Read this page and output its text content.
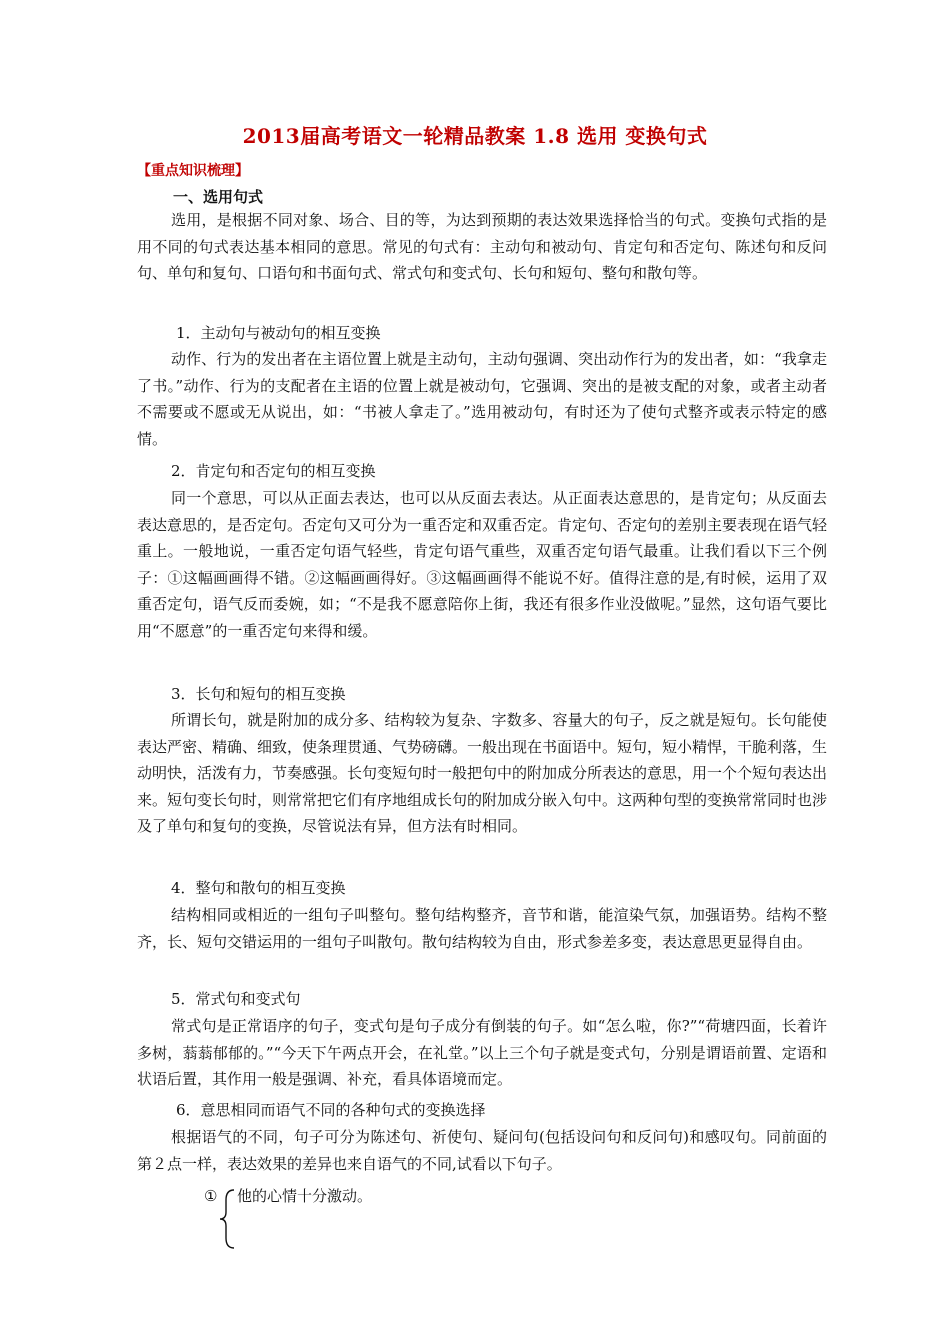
2013届高考语文一轮精品教案 1.8 选用 变换句式
【重点知识梳理】
一、选用句式
选用，是根据不同对象、场合、目的等，为达到预期的表达效果选择恰当的句式。变换句式指的是用不同的句式表达基本相同的意思。常见的句式有：主动句和被动句、肯定句和否定句、陈述句和反问句、单句和复句、口语句和书面句式、常式句和变式句、长句和短句、整句和散句等。
1．主动句与被动句的相互变换
动作、行为的发出者在主语位置上就是主动句，主动句强调、突出动作行为的发出者，如：“我拿走了书。”动作、行为的支配者在主语的位置上就是被动句，它强调、突出的是被支配的对象，或者主动者不需要或不愿或无从说出，如：“书被人拿走了。”选用被动句，有时还为了使句式整齐或表示特定的感情。
2．肯定句和否定句的相互变换
同一个意思，可以从正面去表达，也可以从反面去表达。从正面表达意思的，是肯定句；从反面去表达意思的，是否定句。否定句又可分为一重否定和双重否定。肯定句、否定句的差别主要表现在语气轻重上。一般地说，一重否定句语气轻些，肯定句语气重些，双重否定句语气最重。让我们看以下三个例子：①这幅画画得不错。②这幅画画得好。③这幅画画得不能说不好。值得注意的是,有时候，运用了双重否定句，语气反而委婉，如；“不是我不愿意陪你上街，我还有很多作业没做呢。”显然，这句语气要比用“不愿意”的一重否定句来得和缓。
3．长句和短句的相互变换
所谓长句，就是附加的成分多、结构较为复杂、字数多、容量大的句子，反之就是短句。长句能使表达严密、精确、细致，使条理贯通、气势磅礴。一般出现在书面语中。短句，短小精悍，干脆利落，生动明快，活泼有力，节奏感强。长句变短句时一般把句中的附加成分所表达的意思，用一个个短句表达出来。短句变长句时，则常常把它们有序地组成长句的附加成分嵌入句中。这两种句型的变换常常同时也涉及了单句和复句的变换，尽管说法有异，但方法有时相同。
4．整句和散句的相互变换
结构相同或相近的一组句子叫整句。整句结构整齐，音节和谐，能渲染气氛，加强语势。结构不整齐，长、短句交错运用的一组句子叫散句。散句结构较为自由，形式参差多变，表达意思更显得自由。
5．常式句和变式句
常式句是正常语序的句子，变式句是句子成分有倒装的句子。如“怎么啦，你?”“荷塘四面，长着许多树，蓊蓊郁郁的。”“今天下午两点开会，在礼堂。”以上三个句子就是变式句，分别是谓语前置、定语和状语后置，其作用一般是强调、补充，看具体语境而定。
6．意思相同而语气不同的各种句式的变换选择
根据语气的不同，句子可分为陈述句、祈使句、疑问句(包括设问句和反问句)和感叹句。同前面的第２点一样，表达效果的差异也来自语气的不同,试看以下句子。
① 他的心情十分激动。
